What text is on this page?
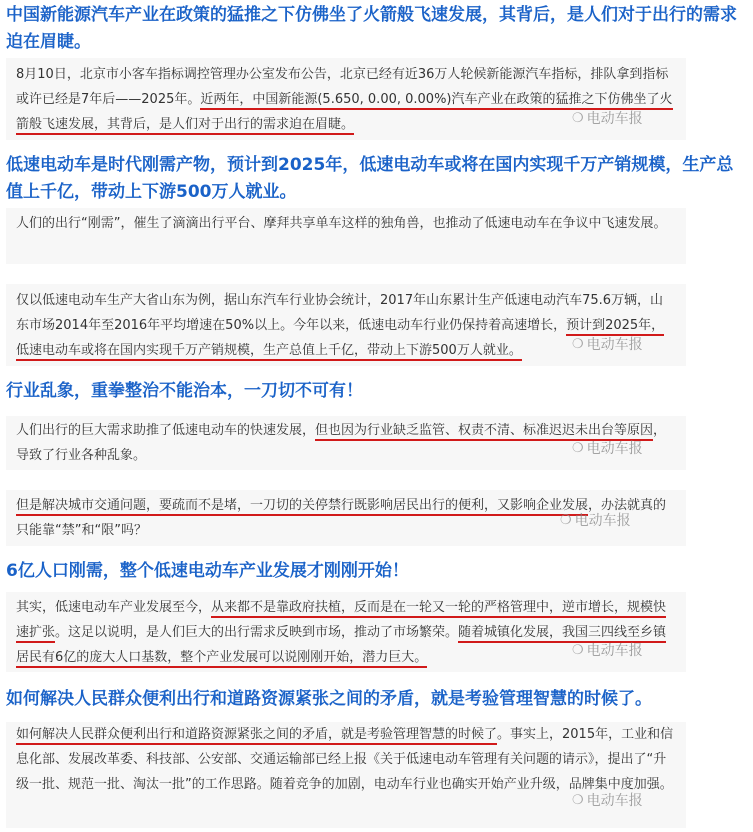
中国新能源汽车产业在政策的猛推之下仿佛坐了火箭般飞速发展，其背后，是人们对于出行的需求迫在眉睫。

8月10日，北京市小客车指标调控管理办公室发布公告，北京已经有近36万人轮候新能源汽车指标，排队拿到指标或许已经是7年后——2025年。近两年，中国新能源(5.650, 0.00, 0.00%)汽车产业在政策的猛推之下仿佛坐了火箭般飞速发展，其背后，是人们对于出行的需求迫在眉睫。	❍ 电动车报
低速电动车是时代刚需产物，预计到2025年，低速电动车或将在国内实现千万产销规模，生产总值上千亿，带动上下游500万人就业。

人们的出行“刚需”，催生了滴滴出行平台、摩拜共享单车这样的独角兽，也推动了低速电动车在争议中飞速发展。

仅以低速电动车生产大省山东为例，据山东汽车行业协会统计，2017年山东累计生产低速电动汽车75.6万辆，山东市场2014年至2016年平均增速在50%以上。今年以来，低速电动车行业仍保持着高速增长，预计到2025年，低速电动车或将在国内实现千万产销规模，生产总值上千亿，带动上下游500万人就业。	❍ 电动车报
行业乱象，重拳整治不能治本，一刀切不可有！

人们出行的巨大需求助推了低速电动车的快速发展，但也因为行业缺乏监管、权责不清、标准迟迟未出台等原因，导致了行业各种乱象。	❍ 电动车报

但是解决城市交通问题，要疏而不是堵，一刀切的关停禁行既影响居民出行的便利，又影响企业发展，办法就真的只能靠“禁”和“限”吗？

❍ 电动车报
6亿人口刚需，整个低速电动车产业发展才刚刚开始！

其实，低速电动车产业发展至今，从来都不是靠政府扶植，反而是在一轮又一轮的严格管理中，逆市增长，规模快速扩张。这足以说明，是人们巨大的出行需求反映到市场，推动了市场繁荣。随着城镇化发展，我国三四线至乡镇居民有6亿的庞大人口基数，整个产业发展可以说刚刚开始，潜力巨大。	❍ 电动车报
如何解决人民群众便利出行和道路资源紧张之间的矛盾，就是考验管理智慧的时候了。

如何解决人民群众便利出行和道路资源紧张之间的矛盾，就是考验管理智慧的时候了。事实上，2015年，工业和信息化部、发展改革委、科技部、公安部、交通运输部已经上报《关于低速电动车管理有关问题的请示》，提出了“升级一批、规范一批、淘汰一批”的工作思路。随着竞争的加剧，电动车行业也确实开始产业升级，品牌集中度加强。

❍ 电动车报
